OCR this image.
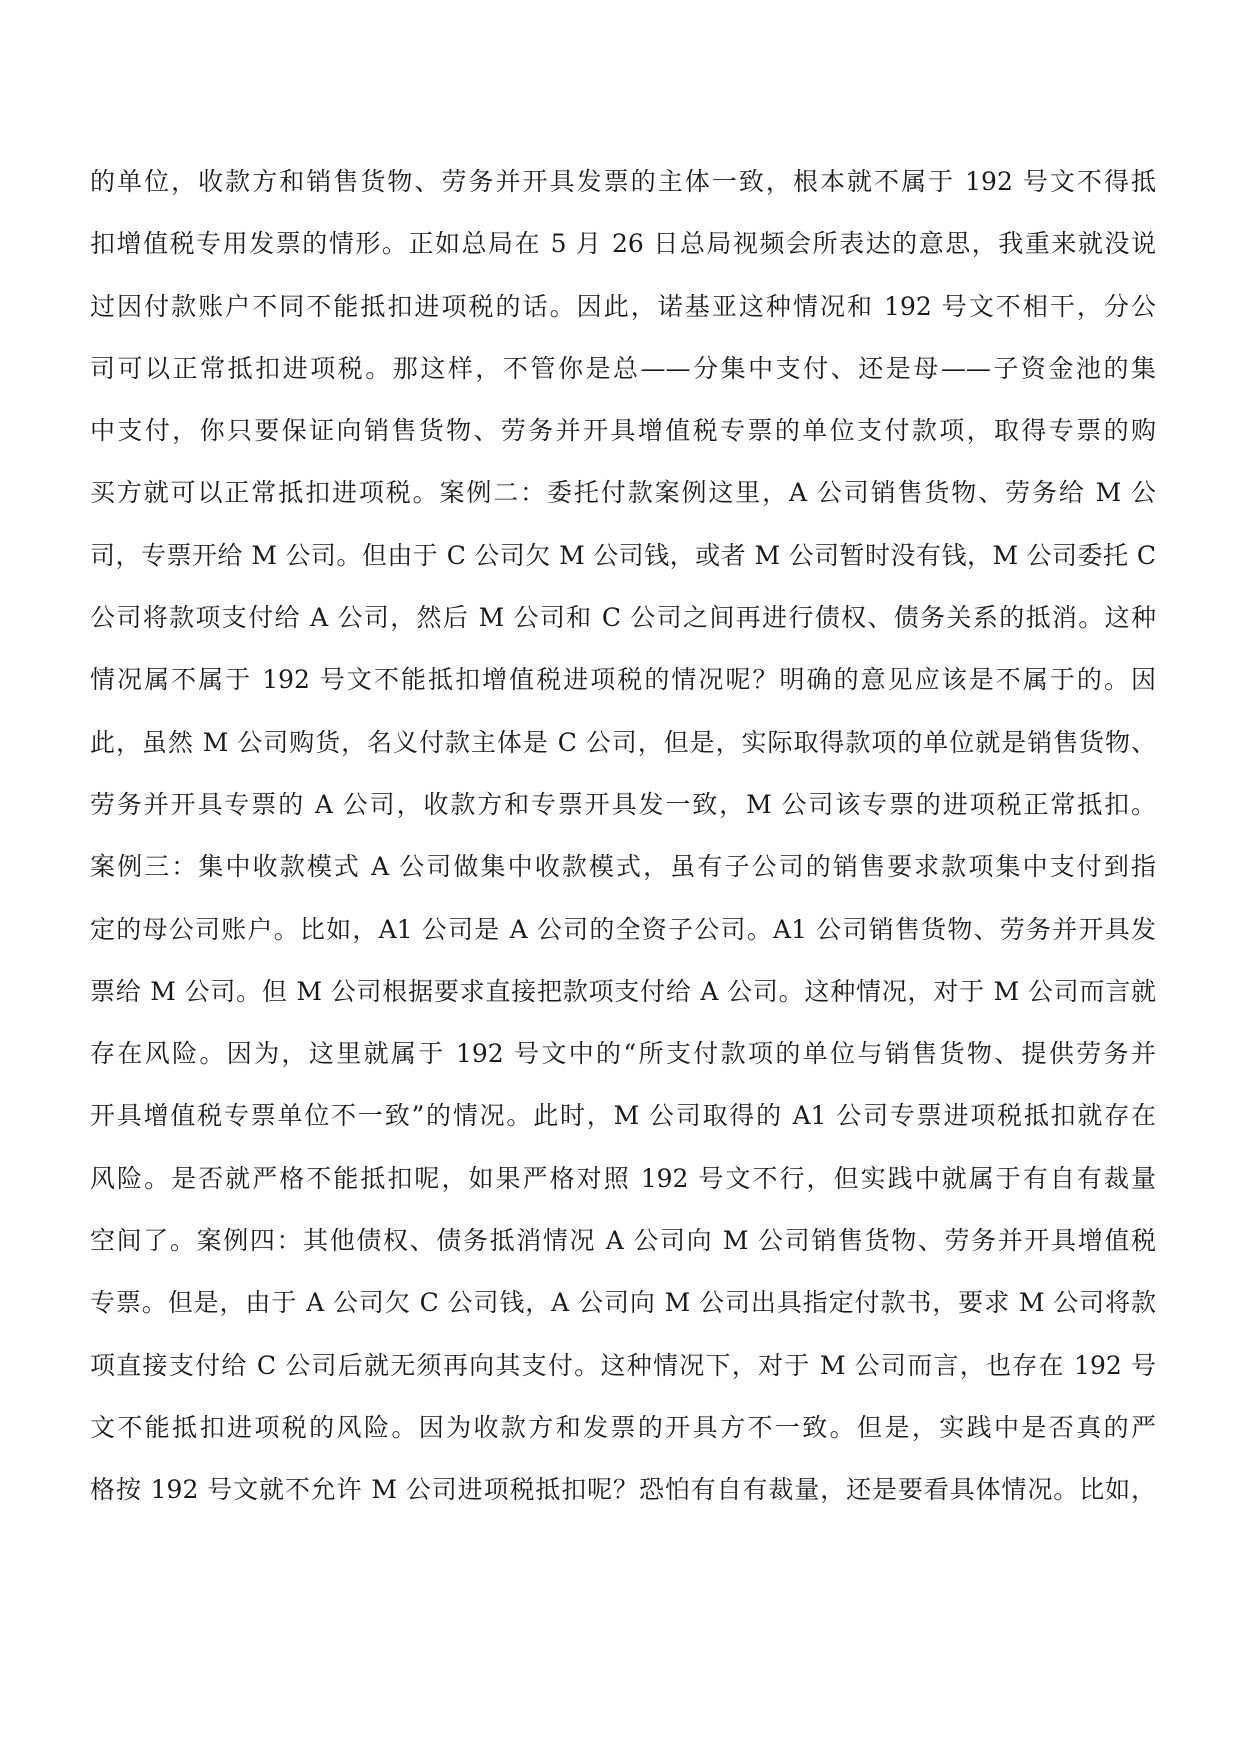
的单位，收款方和销售货物、劳务并开具发票的主体一致，根本就不属于 192 号文不得抵
扣增值税专用发票的情形。正如总局在 5 月 26 日总局视频会所表达的意思，我重来就没说
过因付款账户不同不能抵扣进项税的话。因此，诺基亚这种情况和 192 号文不相干，分公
司可以正常抵扣进项税。那这样，不管你是总——分集中支付、还是母——子资金池的集
中支付，你只要保证向销售货物、劳务并开具增值税专票的单位支付款项，取得专票的购
买方就可以正常抵扣进项税。案例二：委托付款案例这里，A 公司销售货物、劳务给 M 公
司，专票开给 M 公司。但由于 C 公司欠 M 公司钱，或者 M 公司暂时没有钱，M 公司委托 C
公司将款项支付给 A 公司，然后 M 公司和 C 公司之间再进行债权、债务关系的抵消。这种
情况属不属于 192 号文不能抵扣增值税进项税的情况呢？明确的意见应该是不属于的。因
此，虽然 M 公司购货，名义付款主体是 C 公司，但是，实际取得款项的单位就是销售货物、
劳务并开具专票的 A 公司，收款方和专票开具发一致，M 公司该专票的进项税正常抵扣。
案例三：集中收款模式 A 公司做集中收款模式，虽有子公司的销售要求款项集中支付到指
定的母公司账户。比如，A1 公司是 A 公司的全资子公司。A1 公司销售货物、劳务并开具发
票给 M 公司。但 M 公司根据要求直接把款项支付给 A 公司。这种情况，对于 M 公司而言就
存在风险。因为，这里就属于 192 号文中的“所支付款项的单位与销售货物、提供劳务并
开具增值税专票单位不一致”的情况。此时，M 公司取得的 A1 公司专票进项税抵扣就存在
风险。是否就严格不能抵扣呢，如果严格对照 192 号文不行，但实践中就属于有自有裁量
空间了。案例四：其他债权、债务抵消情况 A 公司向 M 公司销售货物、劳务并开具增值税
专票。但是，由于 A 公司欠 C 公司钱，A 公司向 M 公司出具指定付款书，要求 M 公司将款
项直接支付给 C 公司后就无须再向其支付。这种情况下，对于 M 公司而言，也存在 192 号
文不能抵扣进项税的风险。因为收款方和发票的开具方不一致。但是，实践中是否真的严
格按 192 号文就不允许 M 公司进项税抵扣呢？恐怕有自有裁量，还是要看具体情况。比如，
